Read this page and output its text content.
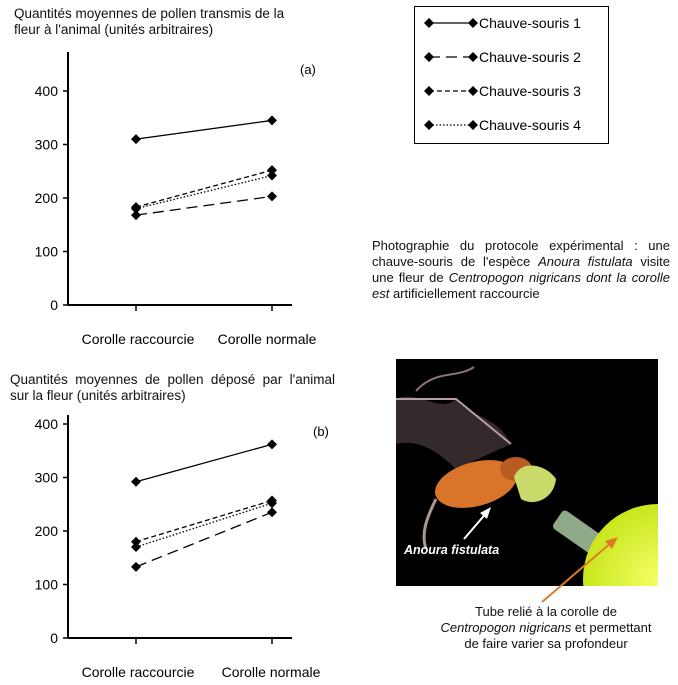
Quantités moyennes de pollen transmis de la fleur à l'animal (unités arbitraires)
Quantités moyennes de pollen déposé par l'animal sur la fleur (unités arbitraires)
0
100
200
300
400
Corolle raccourcie Corolle normale
(a)
0
100
200
300
400
Corolle raccourcie Corolle normale
(b)
Chauve-souris 1
Chauve-souris 2
Chauve-souris 3
Chauve-souris 4
Photographie du protocole expérimental : une chauve-souris de l'espèce Anoura fistulata visite une fleur de Centropogon nigricans dont la corolle est artificiellement raccourcie
Anoura fistulata
Tube relié à la corolle de Centropogon nigricans et permettant de faire varier sa profondeur
